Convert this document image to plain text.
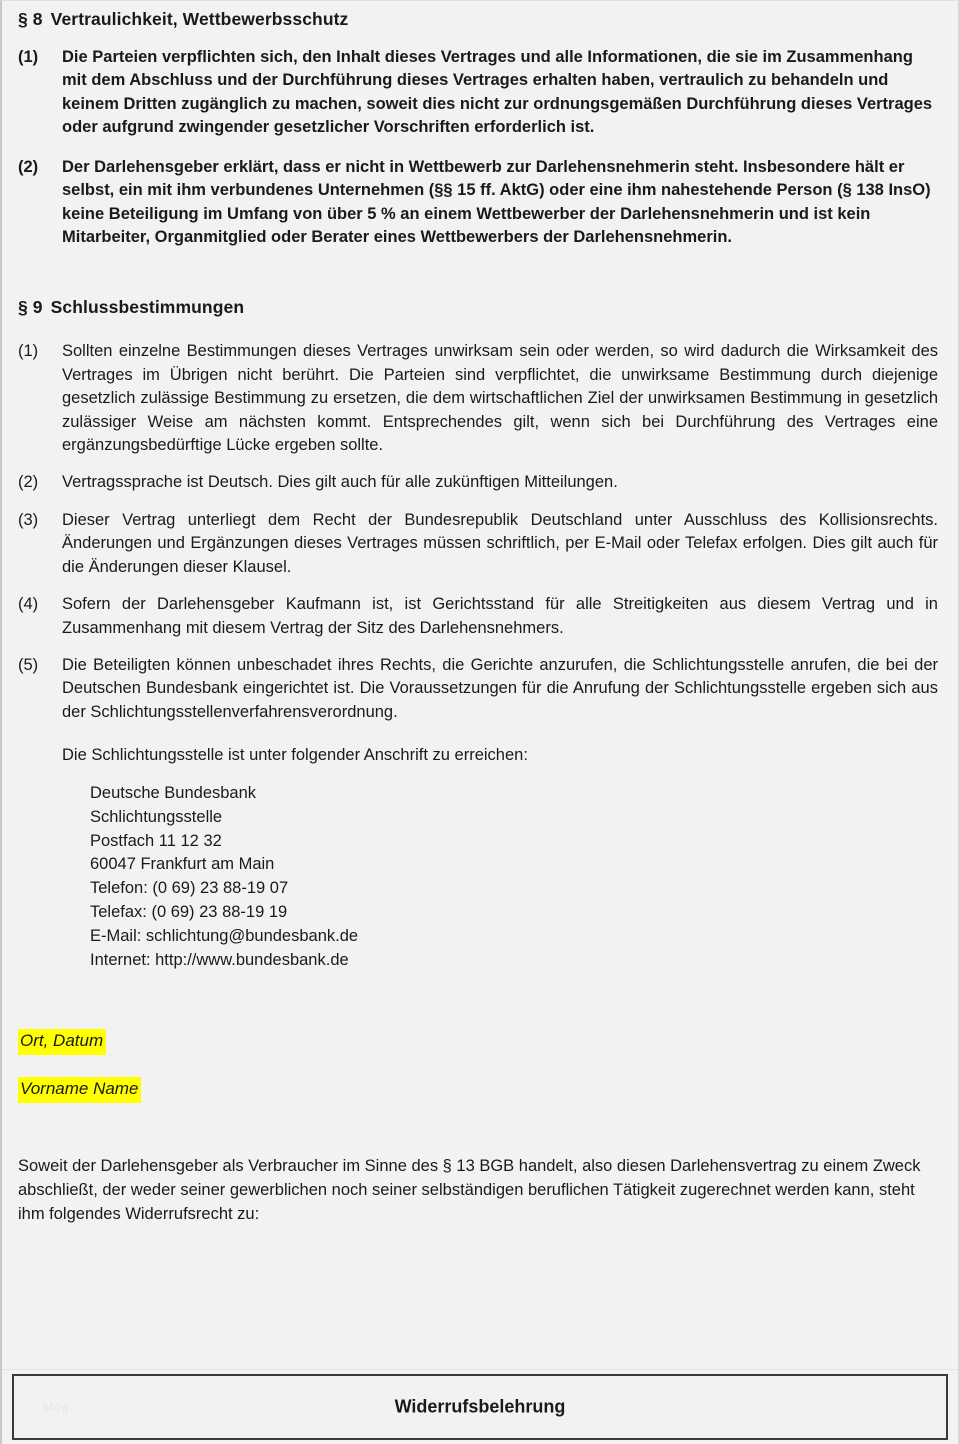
§ 8 Vertraulichkeit, Wettbewerbsschutz
(1)	Die Parteien verpflichten sich, den Inhalt dieses Vertrages und alle Informationen, die sie im Zusammenhang mit dem Abschluss und der Durchführung dieses Vertrages erhalten haben, vertraulich zu behandeln und keinem Dritten zugänglich zu machen, soweit dies nicht zur ordnungsgemäßen Durchführung dieses Vertrages oder aufgrund zwingender gesetzlicher Vorschriften erforderlich ist.
(2)	Der Darlehensgeber erklärt, dass er nicht in Wettbewerb zur Darlehensnehmerin steht. Insbesondere hält er selbst, ein mit ihm verbundenes Unternehmen (§§ 15 ff. AktG) oder eine ihm nahestehende Person (§ 138 InsO) keine Beteiligung im Umfang von über 5 % an einem Wettbewerber der Darlehensnehmerin und ist kein Mitarbeiter, Organmitglied oder Berater eines Wettbewerbers der Darlehensnehmerin.
§ 9 Schlussbestimmungen
(1)	Sollten einzelne Bestimmungen dieses Vertrages unwirksam sein oder werden, so wird dadurch die Wirksamkeit des Vertrages im Übrigen nicht berührt. Die Parteien sind verpflichtet, die unwirksame Bestimmung durch diejenige gesetzlich zulässige Bestimmung zu ersetzen, die dem wirtschaftlichen Ziel der unwirksamen Bestimmung in gesetzlich zulässiger Weise am nächsten kommt. Entsprechendes gilt, wenn sich bei Durchführung des Vertrages eine ergänzungsbedürftige Lücke ergeben sollte.
(2)	Vertragssprache ist Deutsch. Dies gilt auch für alle zukünftigen Mitteilungen.
(3)	Dieser Vertrag unterliegt dem Recht der Bundesrepublik Deutschland unter Ausschluss des Kollisionsrechts. Änderungen und Ergänzungen dieses Vertrages müssen schriftlich, per E-Mail oder Telefax erfolgen. Dies gilt auch für die Änderungen dieser Klausel.
(4)	Sofern der Darlehensgeber Kaufmann ist, ist Gerichtsstand für alle Streitigkeiten aus diesem Vertrag und in Zusammenhang mit diesem Vertrag der Sitz des Darlehensnehmers.
(5)	Die Beteiligten können unbeschadet ihres Rechts, die Gerichte anzurufen, die Schlichtungsstelle anrufen, die bei der Deutschen Bundesbank eingerichtet ist. Die Voraussetzungen für die Anrufung der Schlichtungsstelle ergeben sich aus der Schlichtungsstellenverfahrensverordnung.
Die Schlichtungsstelle ist unter folgender Anschrift zu erreichen:
Deutsche Bundesbank
Schlichtungsstelle
Postfach 11 12 32
60047 Frankfurt am Main
Telefon: (0 69) 23 88-19 07
Telefax: (0 69) 23 88-19 19
E-Mail: schlichtung@bundesbank.de
Internet: http://www.bundesbank.de
Ort, Datum
Vorname Name
Soweit der Darlehensgeber als Verbraucher im Sinne des § 13 BGB handelt, also diesen Darlehensvertrag zu einem Zweck abschließt, der weder seiner gewerblichen noch seiner selbständigen beruflichen Tätigkeit zugerechnet werden kann, steht ihm folgendes Widerrufsrecht zu:
blog	Widerrufsbelehrung
